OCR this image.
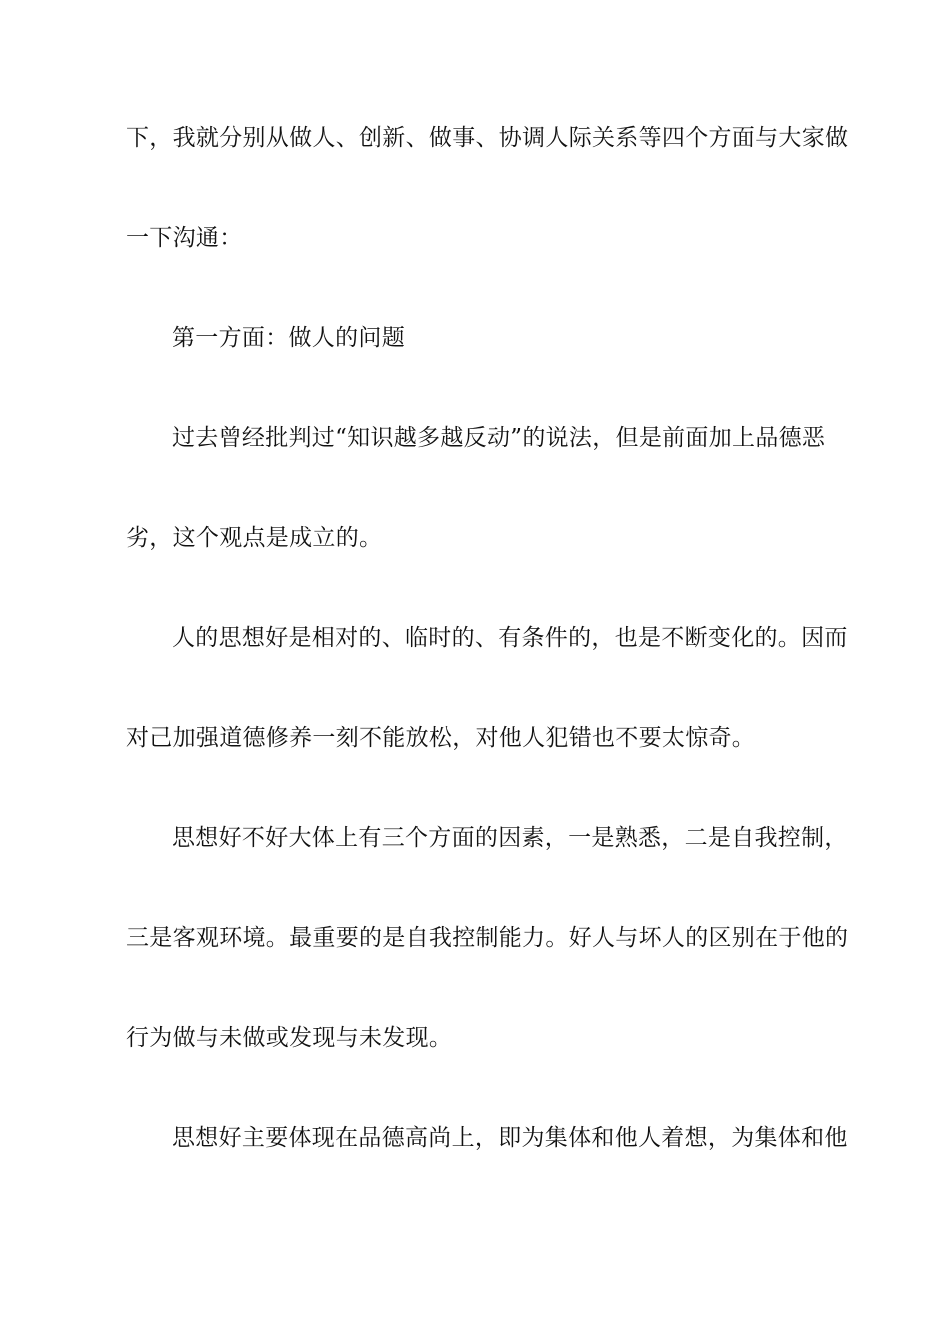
下，我就分别从做人、创新、做事、协调人际关系等四个方面与大家做
一下沟通：
第一方面：做人的问题
过去曾经批判过“知识越多越反动”的说法，但是前面加上品德恶
劣，这个观点是成立的。
人的思想好是相对的、临时的、有条件的，也是不断变化的。因而
对己加强道德修养一刻不能放松，对他人犯错也不要太惊奇。
思想好不好大体上有三个方面的因素，一是熟悉，二是自我控制，
三是客观环境。最重要的是自我控制能力。好人与坏人的区别在于他的
行为做与未做或发现与未发现。
思想好主要体现在品德高尚上，即为集体和他人着想，为集体和他
